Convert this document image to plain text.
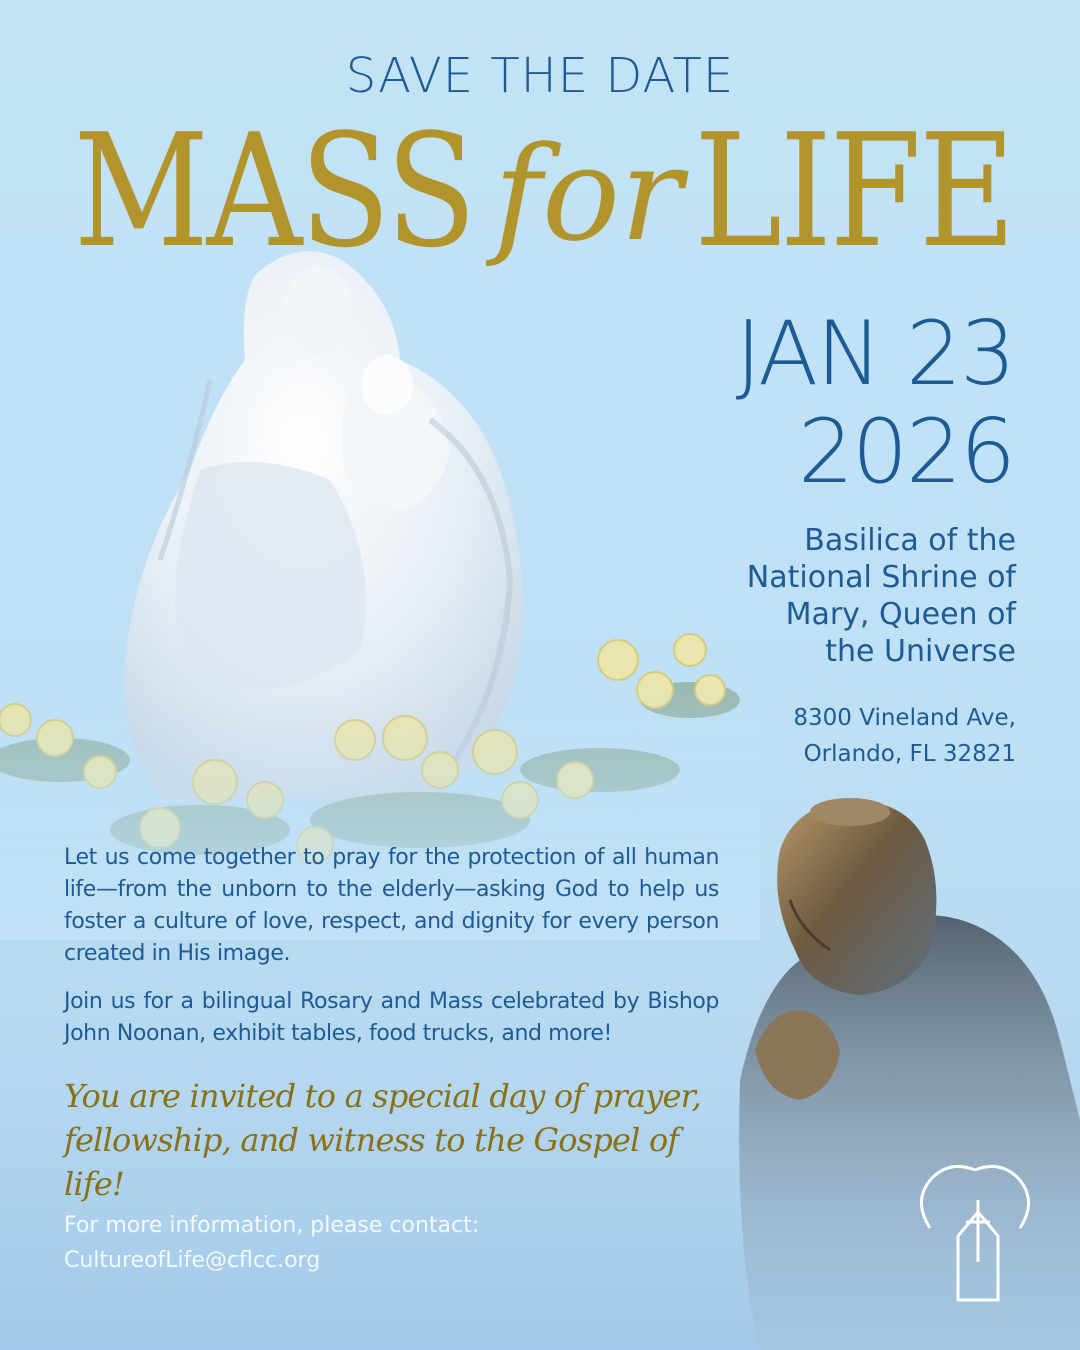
SAVE THE DATE
MASS forLIFE
JAN 23
2026
Basilica of the
National Shrine of
Mary, Queen of
the Universe
8300 Vineland Ave,
Orlando, FL 32821
Let us come together to pray for the protection of all human life—from the unborn to the elderly—asking God to help us foster a culture of love, respect, and dignity for every person created in His image.
Join us for a bilingual Rosary and Mass celebrated by Bishop John Noonan, exhibit tables, food trucks, and more!
You are invited to a special day of prayer, fellowship, and witness to the Gospel of life!
For more information, please contact:
CultureofLife@cflcc.org
